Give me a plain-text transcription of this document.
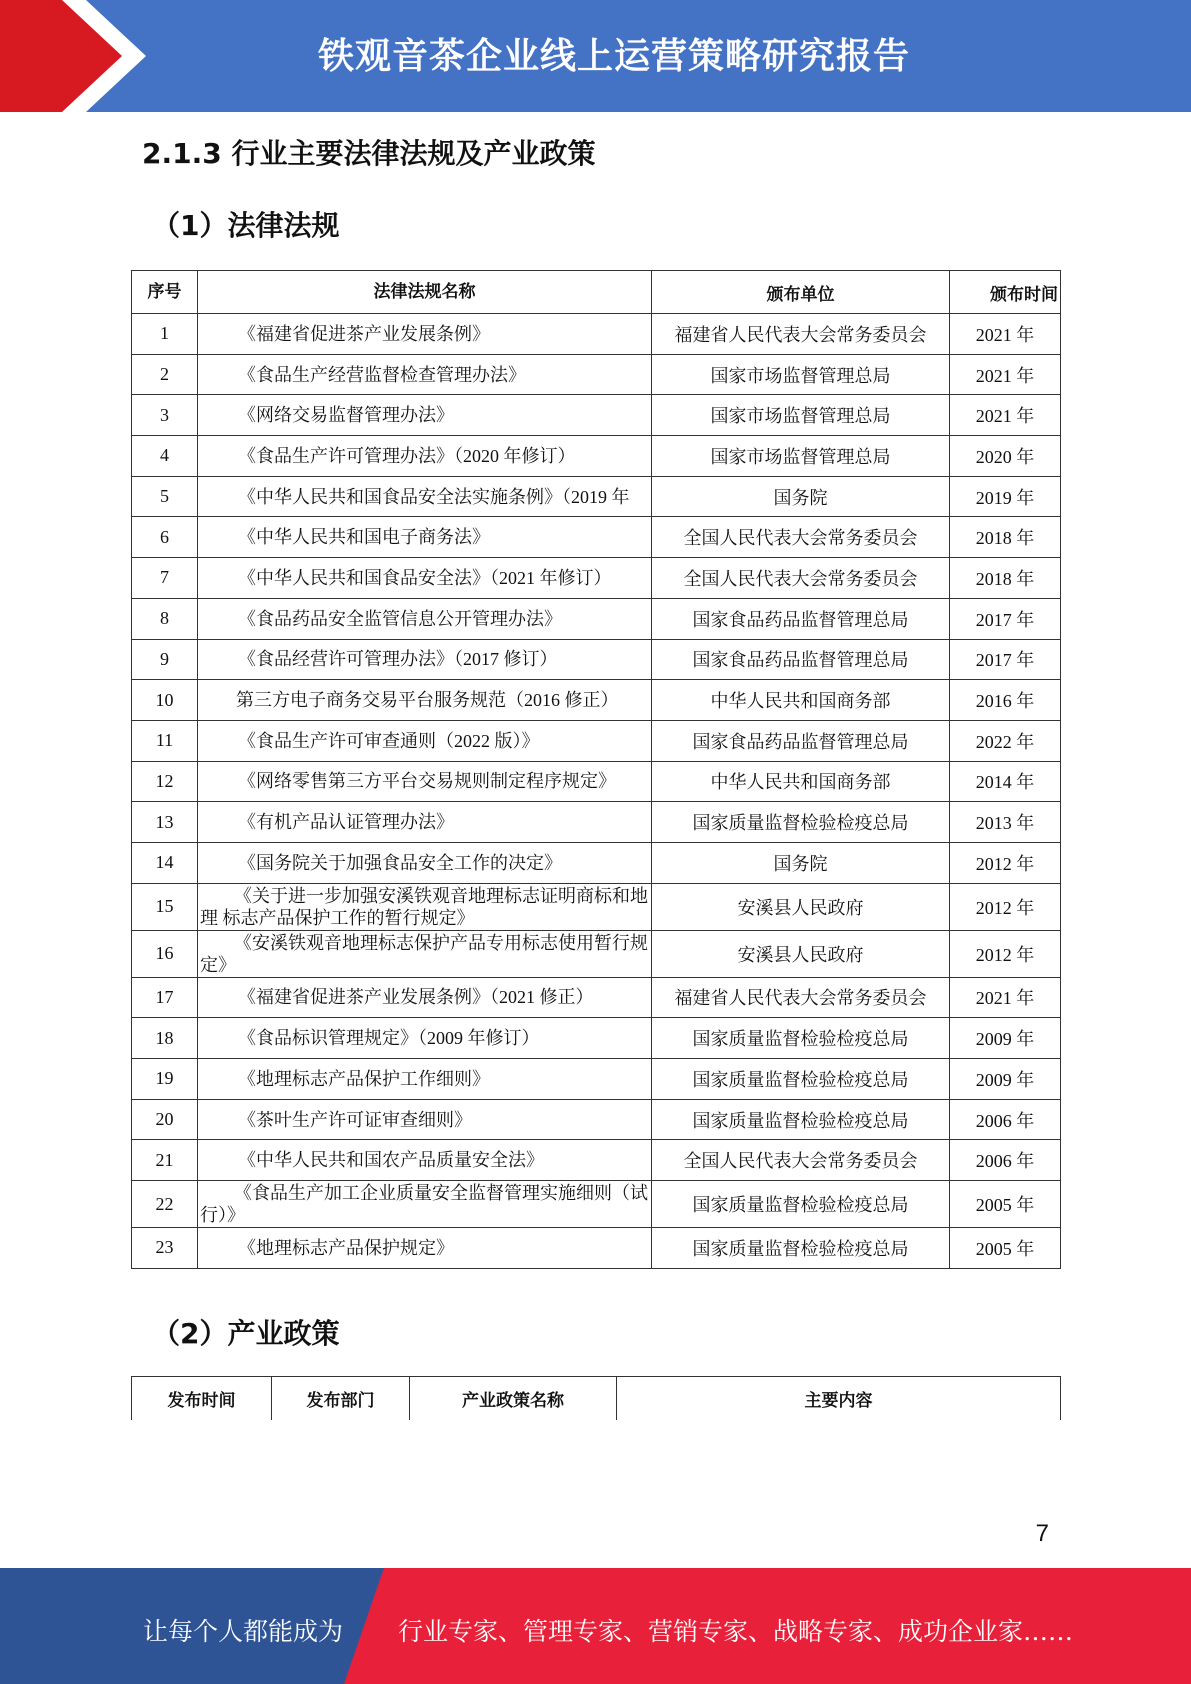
铁观音茶企业线上运营策略研究报告
2.1.3 行业主要法律法规及产业政策
（1）法律法规
序号	法律法规名称	颁布单位	颁布时间
1	《福建省促进茶产业发展条例》	福建省人民代表大会常务委员会	2021 年
2	《食品生产经营监督检查管理办法》	国家市场监督管理总局	2021 年
3	《网络交易监督管理办法》	国家市场监督管理总局	2021 年
4	《食品生产许可管理办法》（2020 年修订）	国家市场监督管理总局	2020 年
5	《中华人民共和国食品安全法实施条例》（2019 年	国务院	2019 年
6	《中华人民共和国电子商务法》	全国人民代表大会常务委员会	2018 年
7	《中华人民共和国食品安全法》（2021 年修订）	全国人民代表大会常务委员会	2018 年
8	《食品药品安全监管信息公开管理办法》	国家食品药品监督管理总局	2017 年
9	《食品经营许可管理办法》（2017 修订）	国家食品药品监督管理总局	2017 年
10	第三方电子商务交易平台服务规范（2016 修正）	中华人民共和国商务部	2016 年
11	《食品生产许可审查通则（2022 版）》	国家食品药品监督管理总局	2022 年
12	《网络零售第三方平台交易规则制定程序规定》	中华人民共和国商务部	2014 年
13	《有机产品认证管理办法》	国家质量监督检验检疫总局	2013 年
14	《国务院关于加强食品安全工作的决定》	国务院	2012 年
15	《关于进一步加强安溪铁观音地理标志证明商标和地理 标志产品保护工作的暂行规定》	安溪县人民政府	2012 年
16	《安溪铁观音地理标志保护产品专用标志使用暂行规定》	安溪县人民政府	2012 年
17	《福建省促进茶产业发展条例》（2021 修正）	福建省人民代表大会常务委员会	2021 年
18	《食品标识管理规定》（2009 年修订）	国家质量监督检验检疫总局	2009 年
19	《地理标志产品保护工作细则》	国家质量监督检验检疫总局	2009 年
20	《茶叶生产许可证审查细则》	国家质量监督检验检疫总局	2006 年
21	《中华人民共和国农产品质量安全法》	全国人民代表大会常务委员会	2006 年
22	《食品生产加工企业质量安全监督管理实施细则（试行）》	国家质量监督检验检疫总局	2005 年
23	《地理标志产品保护规定》	国家质量监督检验检疫总局	2005 年
（2）产业政策
发布时间	发布部门	产业政策名称	主要内容
7
让每个人都能成为 行业专家、管理专家、营销专家、战略专家、成功企业家……
